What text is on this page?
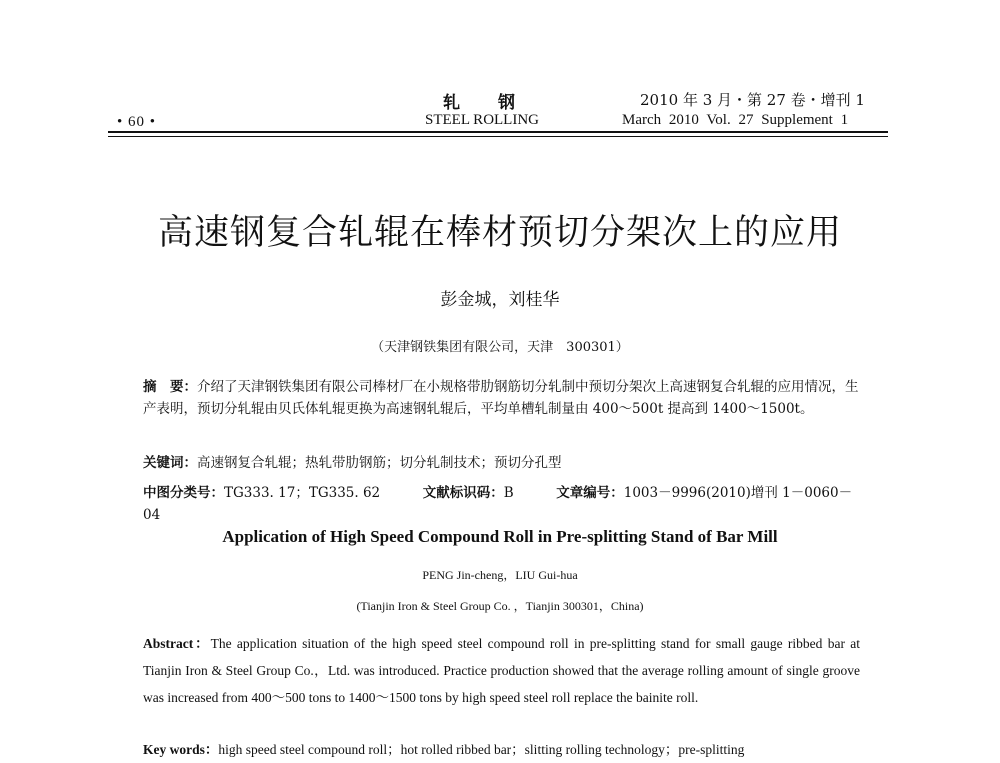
• 60 •
轧钢
STEEL ROLLING
2010 年 3 月・第 27 卷・增刊 1
March 2010 Vol. 27 Supplement 1
高速钢复合轧辊在棒材预切分架次上的应用
彭金城，刘桂华
（天津钢铁集团有限公司，天津　300301）
摘　要：介绍了天津钢铁集团有限公司棒材厂在小规格带肋钢筋切分轧制中预切分架次上高速钢复合轧辊的应用情况，生产表明，预切分轧辊由贝氏体轧辊更换为高速钢轧辊后，平均单槽轧制量由 400～500t 提高到 1400～1500t。
关键词：高速钢复合轧辊；热轧带肋钢筋；切分轧制技术；预切分孔型
中图分类号：TG333. 17；TG335. 62	文献标识码：B	文章编号：1003－9996(2010)增刊 1－0060－04
Application of High Speed Compound Roll in Pre-splitting Stand of Bar Mill
PENG Jin-cheng，LIU Gui-hua
(Tianjin Iron & Steel Group Co. ，Tianjin 300301，China)
Abstract：The application situation of the high speed steel compound roll in pre-splitting stand for small gauge ribbed bar at Tianjin Iron & Steel Group Co.，Ltd. was introduced. Practice production showed that the average rolling amount of single groove was increased from 400～500 tons to 1400～1500 tons by high speed steel roll replace the bainite roll.
Key words：high speed steel compound roll；hot rolled ribbed bar；slitting rolling technology；pre-splitting
